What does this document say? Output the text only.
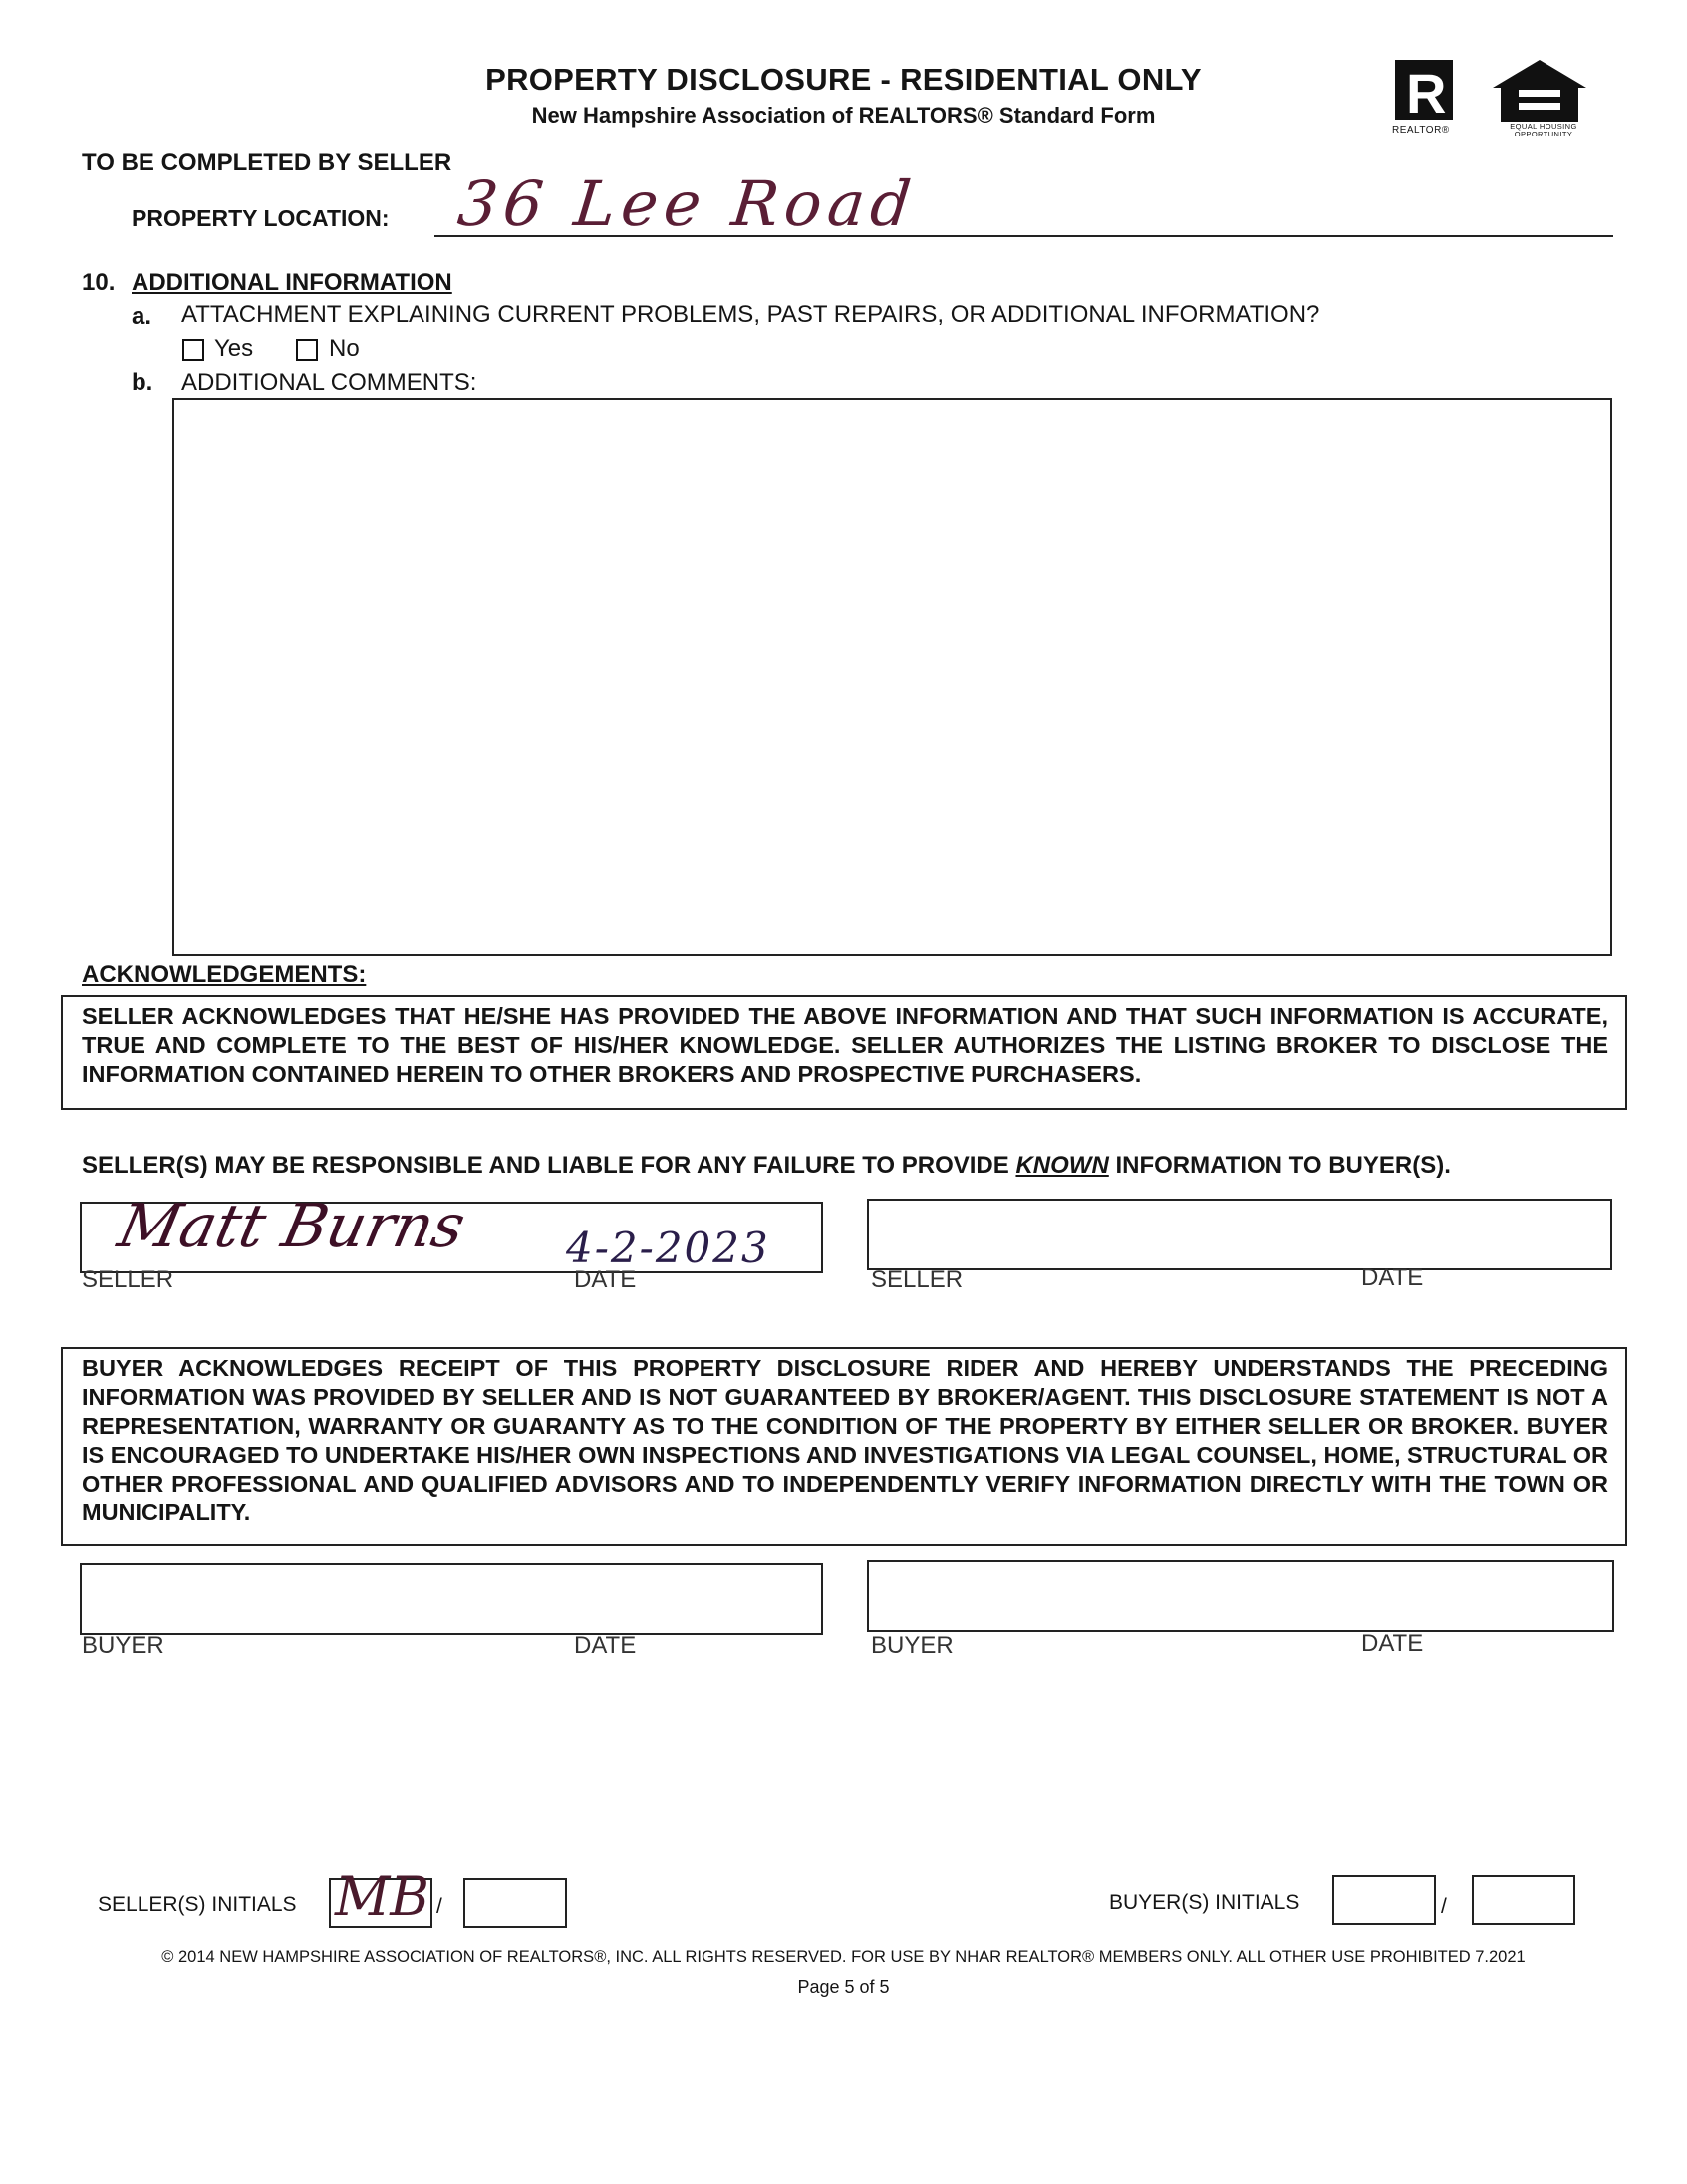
PROPERTY DISCLOSURE - RESIDENTIAL ONLY
New Hampshire Association of REALTORS® Standard Form	R
REALTOR®	EQUAL HOUSING OPPORTUNITY
TO BE COMPLETED BY SELLER
PROPERTY LOCATION: 36 Lee Road
10. ADDITIONAL INFORMATION
a. ATTACHMENT EXPLAINING CURRENT PROBLEMS, PAST REPAIRS, OR ADDITIONAL INFORMATION?
Yes	No
b. ADDITIONAL COMMENTS:
ACKNOWLEDGEMENTS:
SELLER ACKNOWLEDGES THAT HE/SHE HAS PROVIDED THE ABOVE INFORMATION AND THAT SUCH INFORMATION IS ACCURATE, TRUE AND COMPLETE TO THE BEST OF HIS/HER KNOWLEDGE. SELLER AUTHORIZES THE LISTING BROKER TO DISCLOSE THE INFORMATION CONTAINED HEREIN TO OTHER BROKERS AND PROSPECTIVE PURCHASERS.
SELLER(S) MAY BE RESPONSIBLE AND LIABLE FOR ANY FAILURE TO PROVIDE KNOWN INFORMATION TO BUYER(S).
Matt Burns 4-2-2023
SELLER	DATE	SELLER	DATE
BUYER ACKNOWLEDGES RECEIPT OF THIS PROPERTY DISCLOSURE RIDER AND HEREBY UNDERSTANDS THE PRECEDING INFORMATION WAS PROVIDED BY SELLER AND IS NOT GUARANTEED BY BROKER/AGENT. THIS DISCLOSURE STATEMENT IS NOT A REPRESENTATION, WARRANTY OR GUARANTY AS TO THE CONDITION OF THE PROPERTY BY EITHER SELLER OR BROKER. BUYER IS ENCOURAGED TO UNDERTAKE HIS/HER OWN INSPECTIONS AND INVESTIGATIONS VIA LEGAL COUNSEL, HOME, STRUCTURAL OR OTHER PROFESSIONAL AND QUALIFIED ADVISORS AND TO INDEPENDENTLY VERIFY INFORMATION DIRECTLY WITH THE TOWN OR MUNICIPALITY.
BUYER	DATE	BUYER	DATE
SELLER(S) INITIALS MB /	BUYER(S) INITIALS	/
© 2014 NEW HAMPSHIRE ASSOCIATION OF REALTORS®, INC. ALL RIGHTS RESERVED. FOR USE BY NHAR REALTOR® MEMBERS ONLY. ALL OTHER USE PROHIBITED 7.2021
Page 5 of 5
